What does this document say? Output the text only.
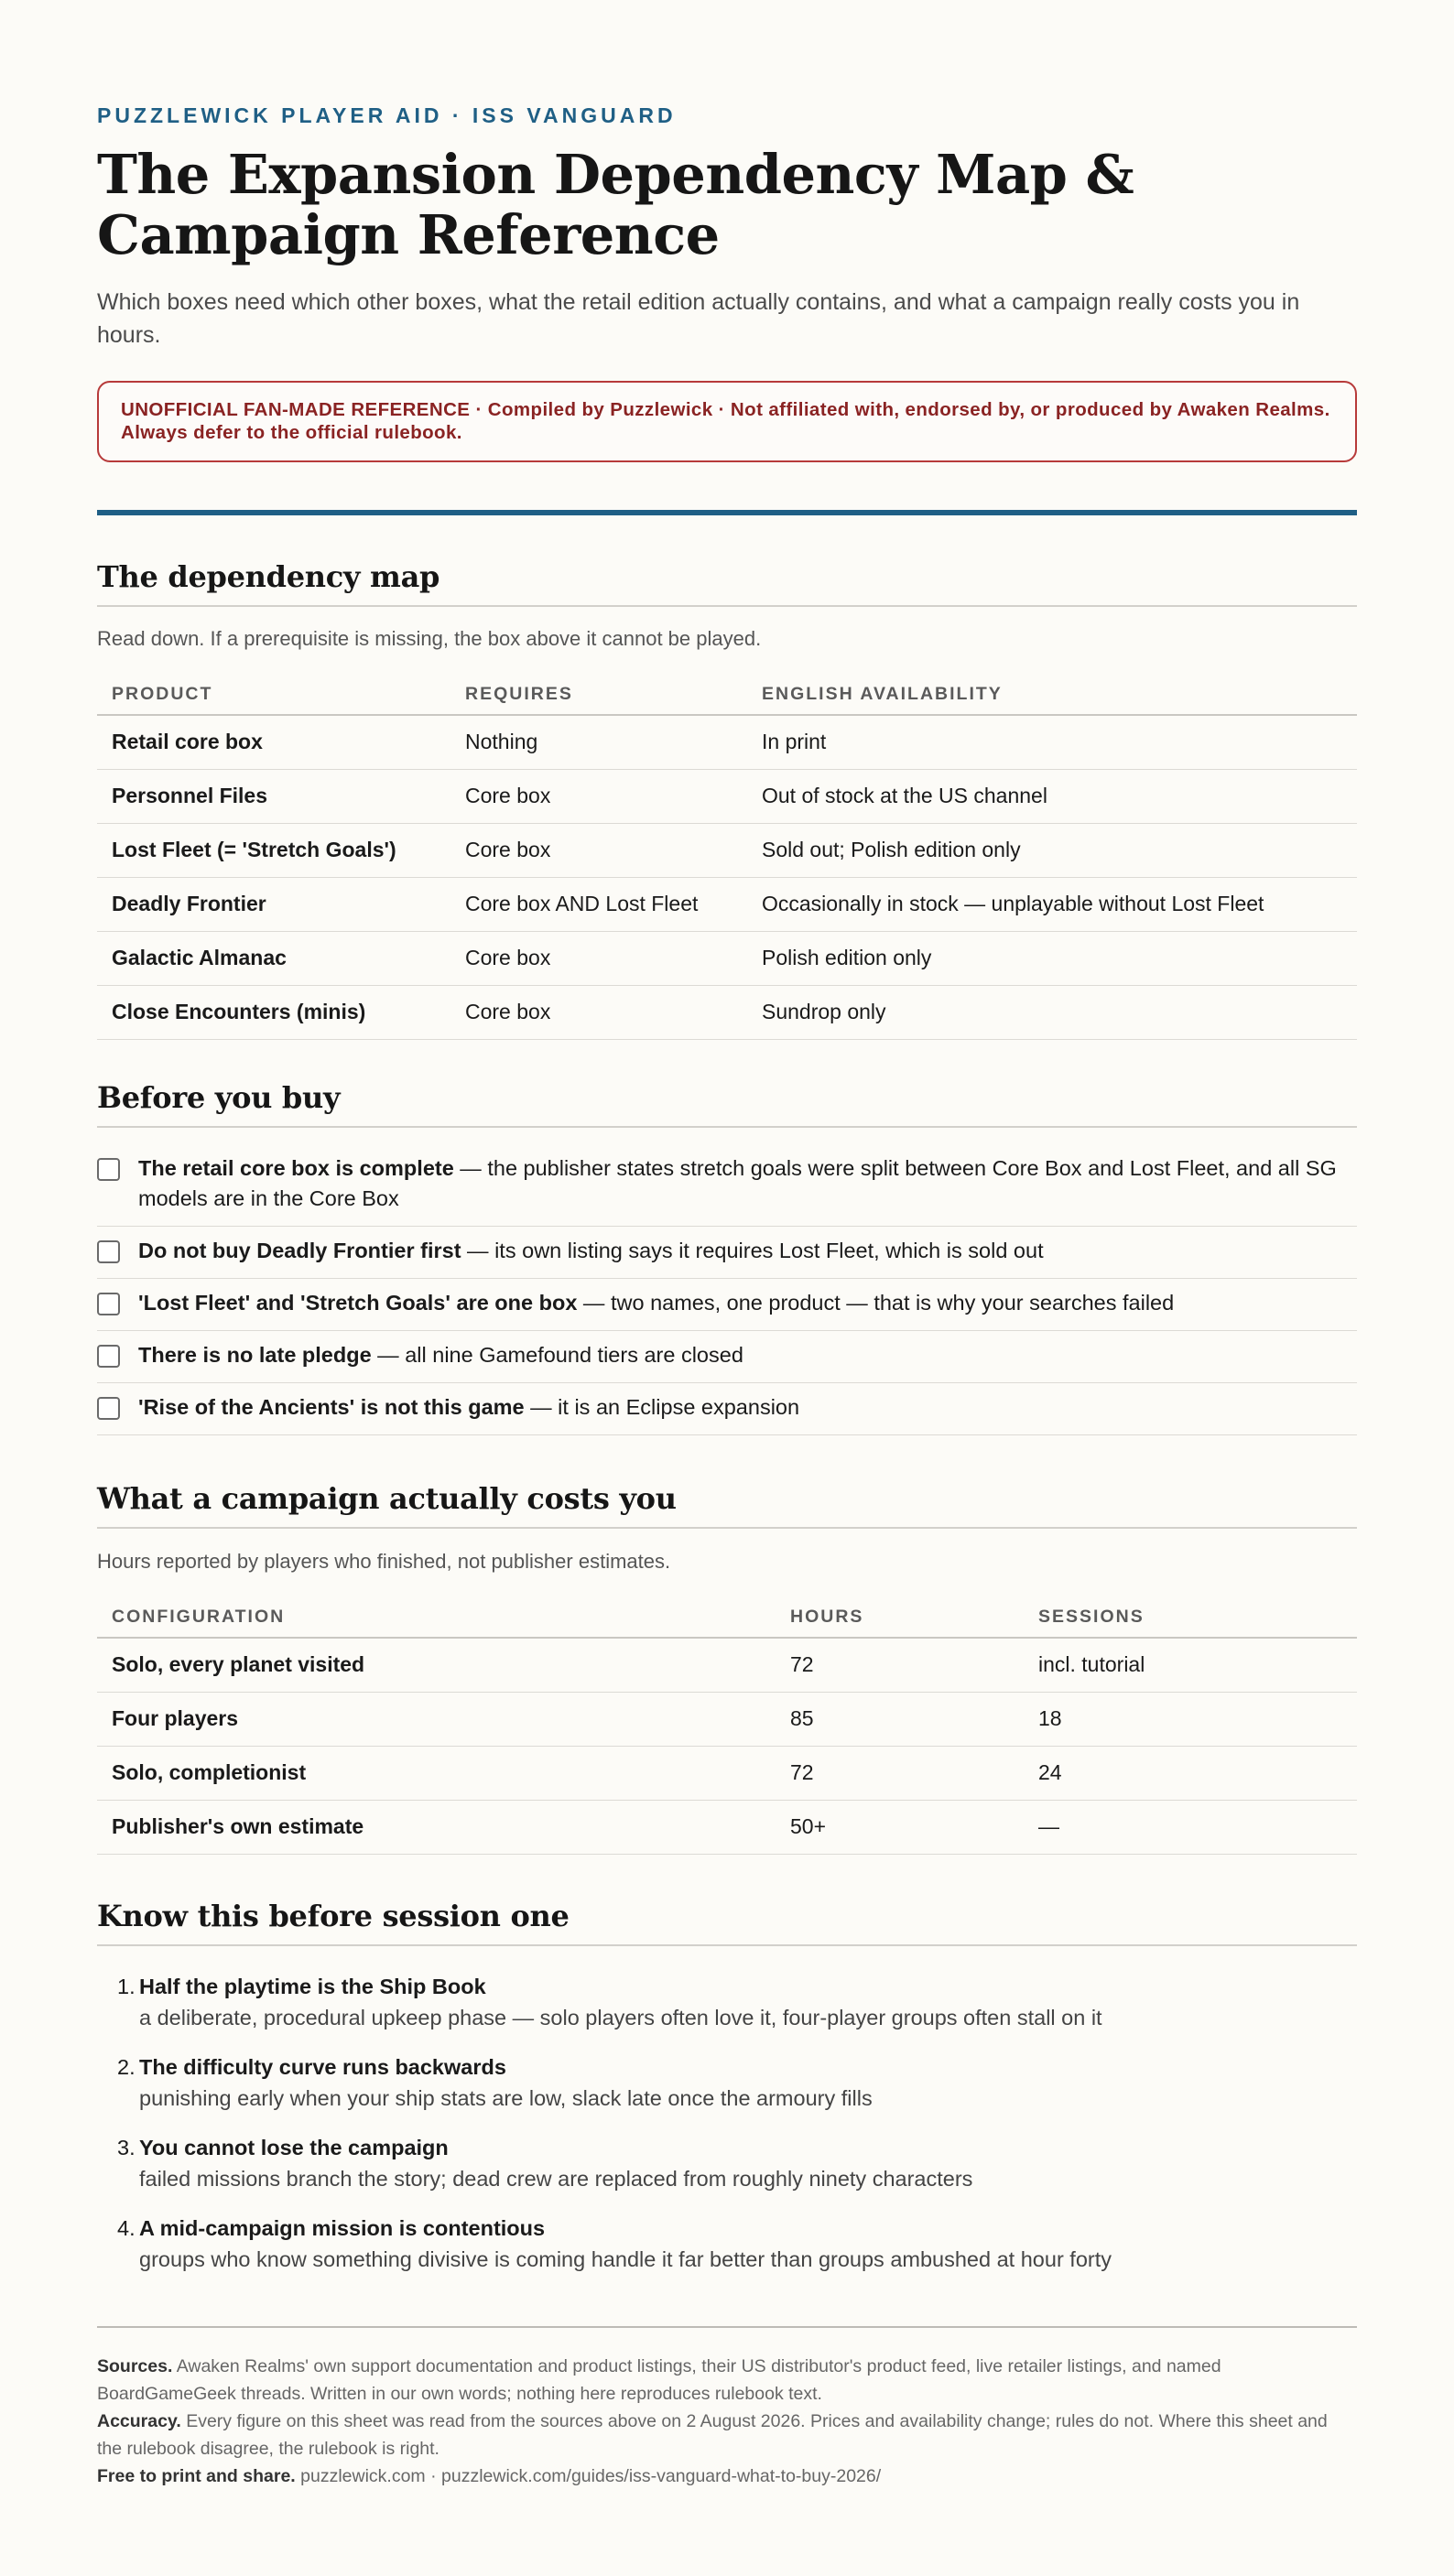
PUZZLEWICK PLAYER AID · ISS VANGUARD
The Expansion Dependency Map & Campaign Reference

Which boxes need which other boxes, what the retail edition actually contains, and what a campaign really costs you in hours.

UNOFFICIAL FAN-MADE REFERENCE · Compiled by Puzzlewick · Not affiliated with, endorsed by, or produced by Awaken Realms. Always defer to the official rulebook.
The dependency map

Read down. If a prerequisite is missing, the box above it cannot be played.

PRODUCT	REQUIRES	ENGLISH AVAILABILITY
Retail core box	Nothing	In print
Personnel Files	Core box	Out of stock at the US channel
Lost Fleet (= 'Stretch Goals')	Core box	Sold out; Polish edition only
Deadly Frontier	Core box AND Lost Fleet	Occasionally in stock — unplayable without Lost Fleet
Galactic Almanac	Core box	Polish edition only
Close Encounters (minis)	Core box	Sundrop only
Before you buy
The retail core box is complete — the publisher states stretch goals were split between Core Box and Lost Fleet, and all SG models are in the Core Box
Do not buy Deadly Frontier first — its own listing says it requires Lost Fleet, which is sold out
'Lost Fleet' and 'Stretch Goals' are one box — two names, one product — that is why your searches failed
There is no late pledge — all nine Gamefound tiers are closed
'Rise of the Ancients' is not this game — it is an Eclipse expansion
What a campaign actually costs you

Hours reported by players who finished, not publisher estimates.

CONFIGURATION	HOURS	SESSIONS
Solo, every planet visited	72	incl. tutorial
Four players	85	18
Solo, completionist	72	24
Publisher's own estimate	50+	—
Know this before session one
1. Half the playtime is the Ship Book
a deliberate, procedural upkeep phase — solo players often love it, four-player groups often stall on it
2. The difficulty curve runs backwards
punishing early when your ship stats are low, slack late once the armoury fills
3. You cannot lose the campaign
failed missions branch the story; dead crew are replaced from roughly ninety characters
4. A mid-campaign mission is contentious
groups who know something divisive is coming handle it far better than groups ambushed at hour forty

Sources. Awaken Realms' own support documentation and product listings, their US distributor's product feed, live retailer listings, and named BoardGameGeek threads. Written in our own words; nothing here reproduces rulebook text.

Accuracy. Every figure on this sheet was read from the sources above on 2 August 2026. Prices and availability change; rules do not. Where this sheet and the rulebook disagree, the rulebook is right.

Free to print and share. puzzlewick.com · puzzlewick.com/guides/iss-vanguard-what-to-buy-2026/
